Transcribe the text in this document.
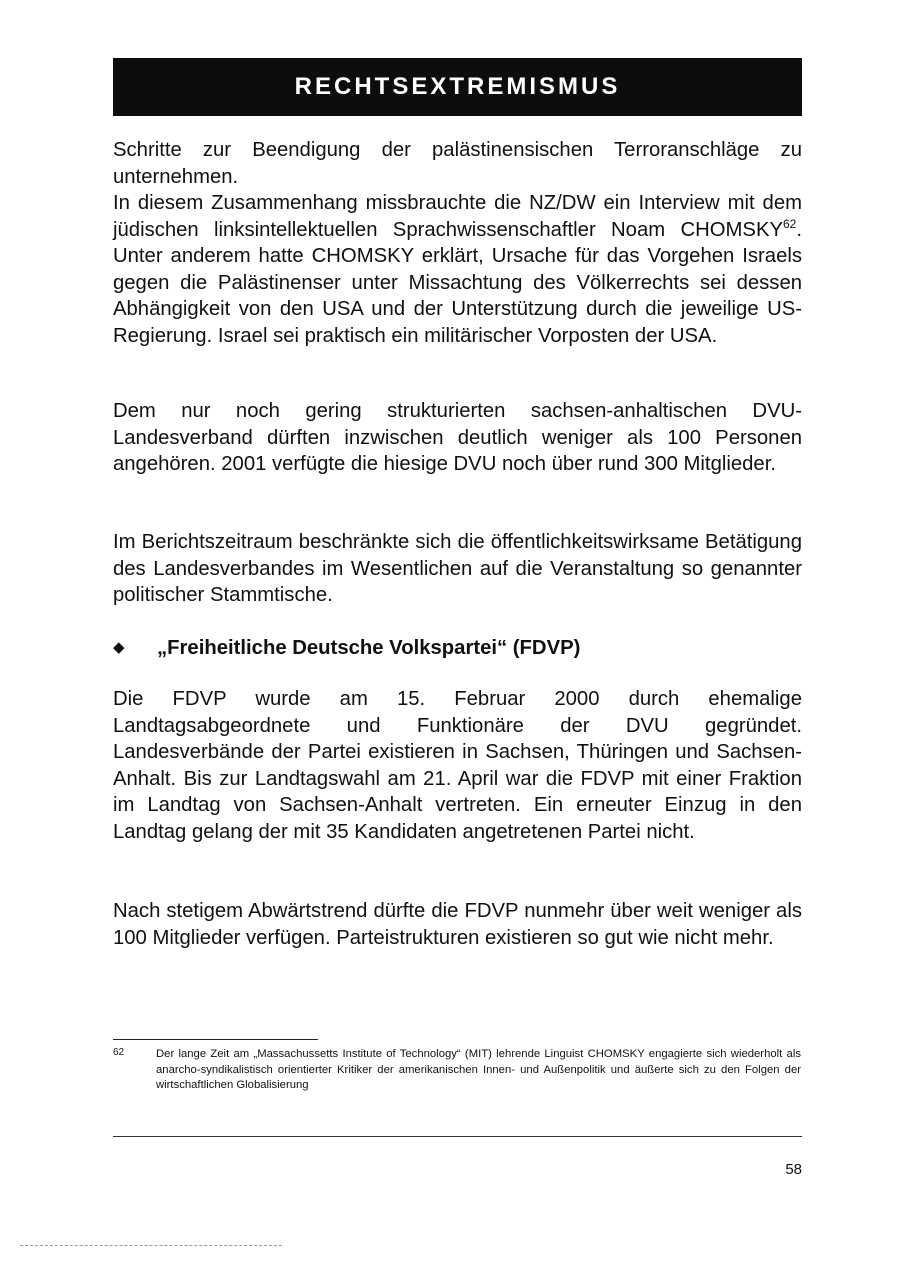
RECHTSEXTREMISMUS

Schritte zur Beendigung der palästinensischen Terroranschläge zu unternehmen.

In diesem Zusammenhang missbrauchte die NZ/DW ein Interview mit dem jüdischen linksintellektuellen Sprachwissenschaftler Noam CHOMSKY$^{62}$. Unter anderem hatte CHOMSKY erklärt, Ursache für das Vorgehen Israels gegen die Palästinenser unter Missachtung des Völkerrechts sei dessen Abhängigkeit von den USA und der Unterstützung durch die jeweilige US-Regierung. Israel sei praktisch ein militärischer Vorposten der USA.

Dem nur noch gering strukturierten sachsen-anhaltischen DVU-Landesverband dürften inzwischen deutlich weniger als 100 Personen angehören. 2001 verfügte die hiesige DVU noch über rund 300 Mitglieder.

Im Berichtszeitraum beschränkte sich die öffentlichkeitswirksame Betätigung des Landesverbandes im Wesentlichen auf die Veranstaltung so genannter politischer Stammtische.

◆ „Freiheitliche Deutsche Volkspartei“ (FDVP)

Die FDVP wurde am 15. Februar 2000 durch ehemalige Landtagsabgeordnete und Funktionäre der DVU gegründet. Landesverbände der Partei existieren in Sachsen, Thüringen und Sachsen-Anhalt. Bis zur Landtagswahl am 21. April war die FDVP mit einer Fraktion im Landtag von Sachsen-Anhalt vertreten. Ein erneuter Einzug in den Landtag gelang der mit 35 Kandidaten angetretenen Partei nicht.

Nach stetigem Abwärtstrend dürfte die FDVP nunmehr über weit weniger als 100 Mitglieder verfügen. Parteistrukturen existieren so gut wie nicht mehr.

62	Der lange Zeit am „Massachussetts Institute of Technology“ (MIT) lehrende Linguist CHOMSKY engagierte sich wiederholt als anarcho-syndikalistisch orientierter Kritiker der amerikanischen Innen- und Außenpolitik und äußerte sich zu den Folgen der wirtschaftlichen Globalisierung
58
